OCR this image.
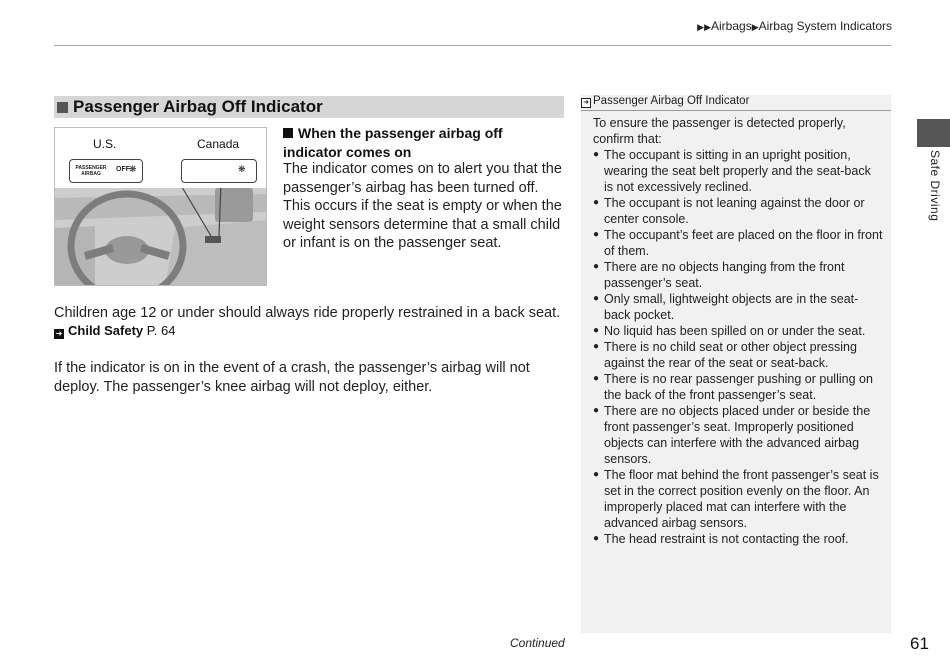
▶▶Airbags▶Airbag System Indicators
Passenger Airbag Off Indicator
U.S.	Canada
PASSENGER AIRBAG
OFF ❋	❋
When the passenger airbag off indicator comes on
The indicator comes on to alert you that the passenger’s airbag has been turned off. This occurs if the seat is empty or when the weight sensors determine that a small child or infant is on the passenger seat.
Children age 12 or under should always ride properly restrained in a back seat.
➜ Child Safety P. 64
If the indicator is on in the event of a crash, the passenger’s airbag will not deploy. The passenger’s knee airbag will not deploy, either.
➜ Passenger Airbag Off Indicator
To ensure the passenger is detected properly, confirm that:
● The occupant is sitting in an upright position, wearing the seat belt properly and the seat-back is not excessively reclined.
● The occupant is not leaning against the door or center console.
● The occupant’s feet are placed on the floor in front of them.
● There are no objects hanging from the front passenger’s seat.
● Only small, lightweight objects are in the seat-back pocket.
● No liquid has been spilled on or under the seat.
● There is no child seat or other object pressing against the rear of the seat or seat-back.
● There is no rear passenger pushing or pulling on the back of the front passenger’s seat.
● There are no objects placed under or beside the front passenger’s seat. Improperly positioned objects can interfere with the advanced airbag sensors.
● The floor mat behind the front passenger’s seat is set in the correct position evenly on the floor. An improperly placed mat can interfere with the advanced airbag sensors.
● The head restraint is not contacting the roof.
Safe Driving
Continued	61
